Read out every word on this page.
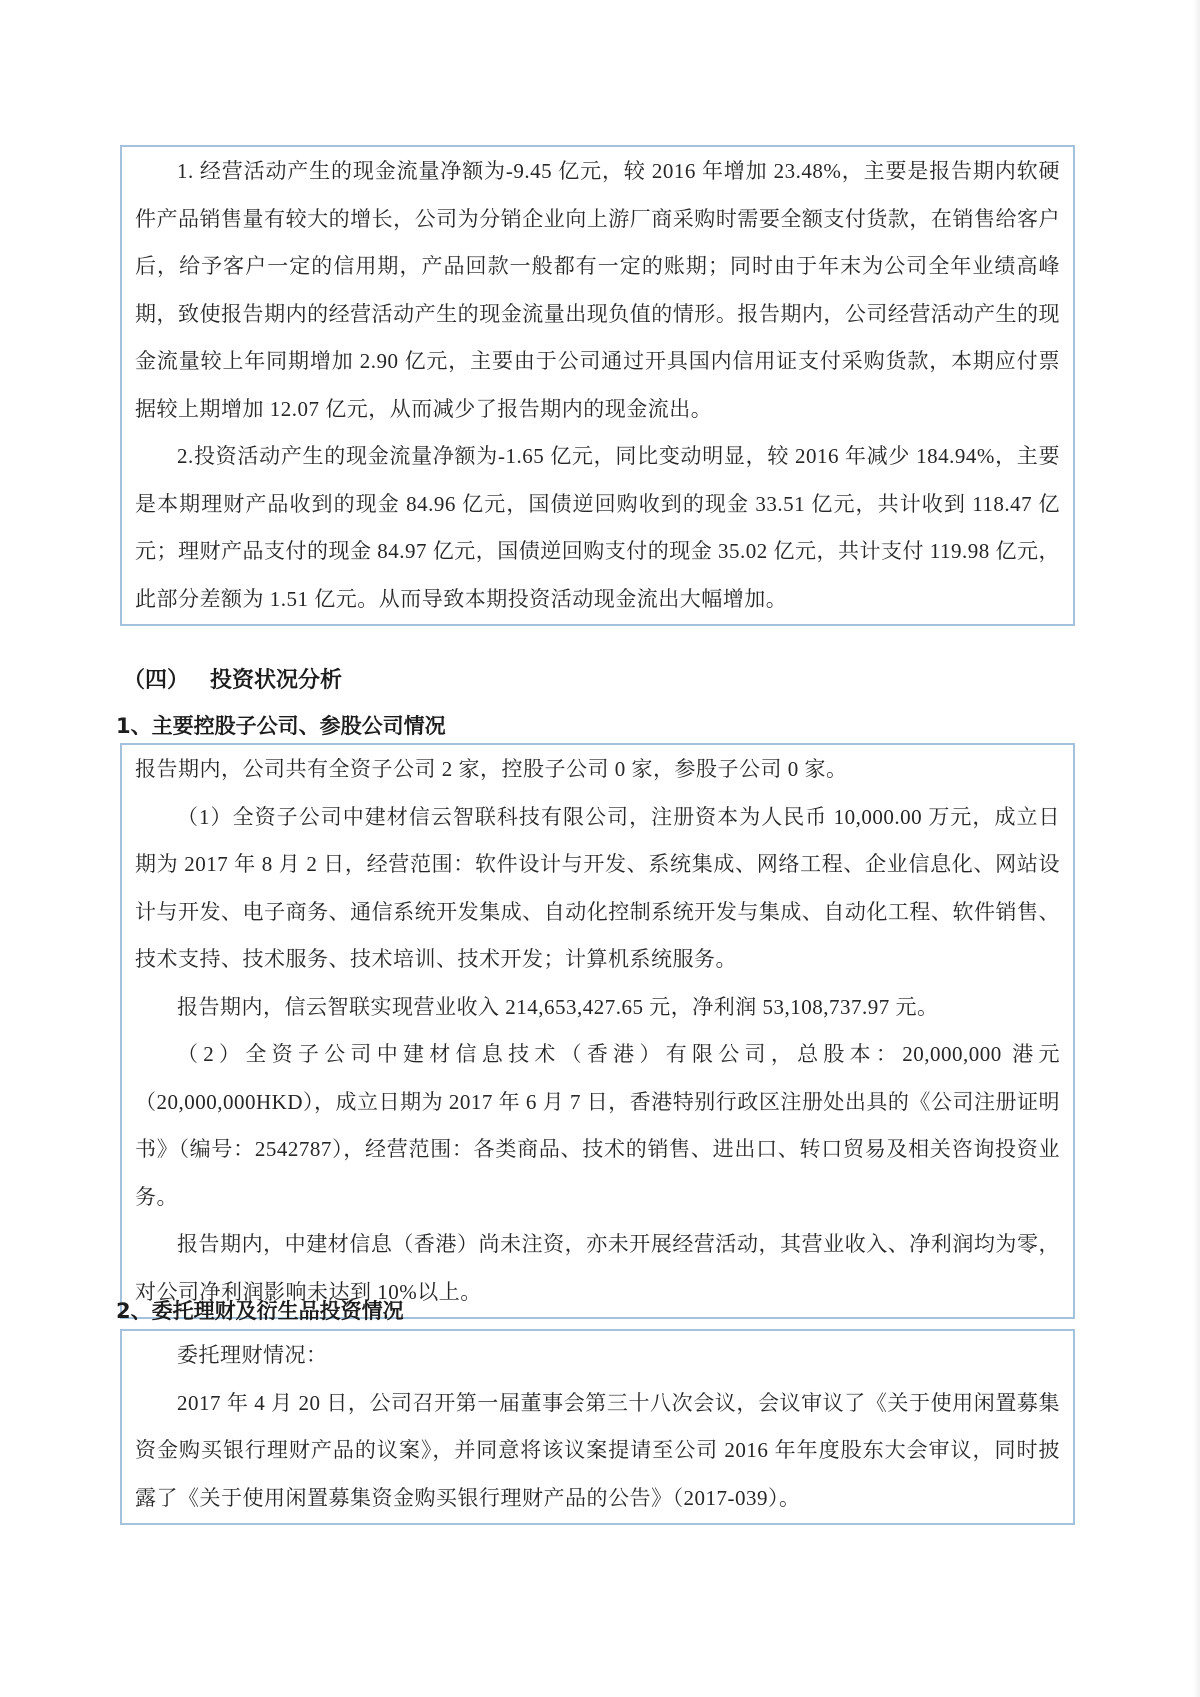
1. 经营活动产生的现金流量净额为-9.45 亿元，较 2016 年增加 23.48%，主要是报告期内软硬件产品销售量有较大的增长，公司为分销企业向上游厂商采购时需要全额支付货款，在销售给客户后，给予客户一定的信用期，产品回款一般都有一定的账期；同时由于年末为公司全年业绩高峰期，致使报告期内的经营活动产生的现金流量出现负值的情形。报告期内，公司经营活动产生的现金流量较上年同期增加 2.90 亿元，主要由于公司通过开具国内信用证支付采购货款，本期应付票据较上期增加 12.07 亿元，从而减少了报告期内的现金流出。

2.投资活动产生的现金流量净额为-1.65 亿元，同比变动明显，较 2016 年减少 184.94%，主要是本期理财产品收到的现金 84.96 亿元，国债逆回购收到的现金 33.51 亿元，共计收到 118.47 亿元；理财产品支付的现金 84.97 亿元，国债逆回购支付的现金 35.02 亿元，共计支付 119.98 亿元，此部分差额为 1.51 亿元。从而导致本期投资活动现金流出大幅增加。

（四） 投资状况分析
1、主要控股子公司、参股公司情况

报告期内，公司共有全资子公司 2 家，控股子公司 0 家，参股子公司 0 家。

（1）全资子公司中建材信云智联科技有限公司，注册资本为人民币 10,000.00 万元，成立日期为 2017 年 8 月 2 日，经营范围：软件设计与开发、系统集成、网络工程、企业信息化、网站设计与开发、电子商务、通信系统开发集成、自动化控制系统开发与集成、自动化工程、软件销售、技术支持、技术服务、技术培训、技术开发；计算机系统服务。

报告期内，信云智联实现营业收入 214,653,427.65 元，净利润 53,108,737.97 元。

（2）全资子公司中建材信息技术（香港）有限公司，总股本：20,000,000 港元（20,000,000HKD），成立日期为 2017 年 6 月 7 日，香港特别行政区注册处出具的《公司注册证明书》（编号：2542787），经营范围：各类商品、技术的销售、进出口、转口贸易及相关咨询投资业务。

报告期内，中建材信息（香港）尚未注资，亦未开展经营活动，其营业收入、净利润均为零，对公司净利润影响未达到 10%以上。

2、委托理财及衍生品投资情况

委托理财情况：

2017 年 4 月 20 日，公司召开第一届董事会第三十八次会议，会议审议了《关于使用闲置募集资金购买银行理财产品的议案》，并同意将该议案提请至公司 2016 年年度股东大会审议，同时披露了《关于使用闲置募集资金购买银行理财产品的公告》（2017-039）。
